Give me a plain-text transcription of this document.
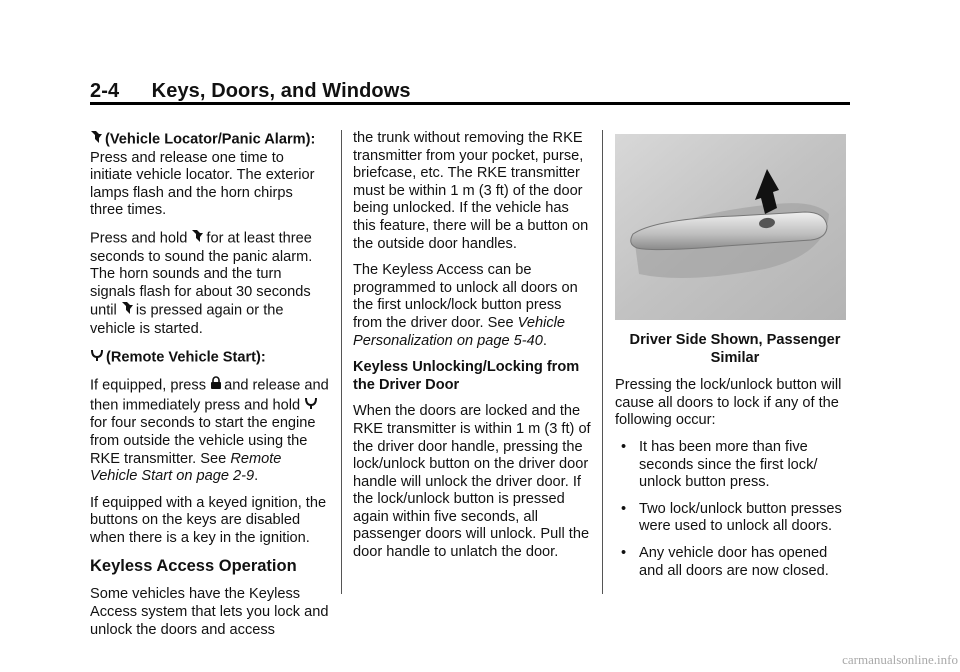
2-4 Keys, Doors, and Windows

(Vehicle Locator/Panic Alarm):  Press and release one time to initiate vehicle locator. The exterior lamps flash and the horn chirps three times.

Press and hold for at least three seconds to sound the panic alarm. The horn sounds and the turn signals flash for about 30 seconds until is pressed again or the vehicle is started.

(Remote Vehicle Start):

If equipped, press and release and then immediately press and hold for four seconds to start the engine from outside the vehicle using the RKE transmitter. See Remote Vehicle Start on page 2-9.

If equipped with a keyed ignition, the buttons on the keys are disabled when there is a key in the ignition.

Keyless Access Operation

Some vehicles have the Keyless Access system that lets you lock and unlock the doors and access

the trunk without removing the RKE transmitter from your pocket, purse, briefcase, etc. The RKE transmitter must be within 1 m (3 ft) of the door being unlocked. If the vehicle has this feature, there will be a button on the outside door handles.

The Keyless Access can be programmed to unlock all doors on the first unlock/lock button press from the driver door. See Vehicle Personalization on page 5-40.

Keyless Unlocking/Locking from the Driver Door

When the doors are locked and the RKE transmitter is within 1 m (3 ft) of the driver door handle, pressing the lock/unlock button on the driver door handle will unlock the driver door. If the lock/unlock button is pressed again within five seconds, all passenger doors will unlock. Pull the door handle to unlatch the door.

Driver Side Shown, Passenger Similar

Pressing the lock/unlock button will cause all doors to lock if any of the following occur:

• It has been more than five seconds since the first lock/ unlock button press.
• Two lock/unlock button presses were used to unlock all doors.
• Any vehicle door has opened and all doors are now closed.
carmanualsonline.info
